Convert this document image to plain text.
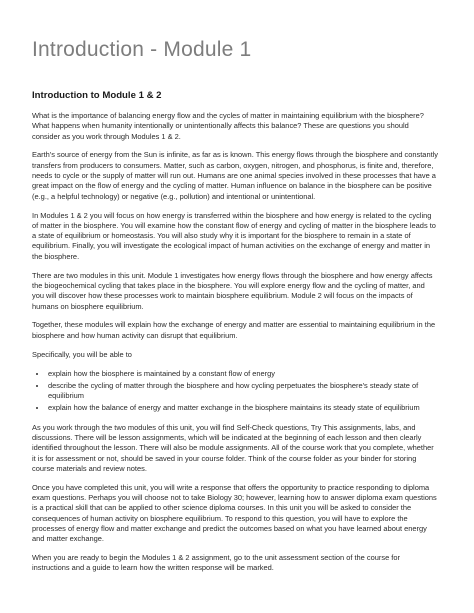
Introduction - Module 1
Introduction to Module 1 & 2

What is the importance of balancing energy flow and the cycles of matter in maintaining equilibrium with the biosphere? What happens when humanity intentionally or unintentionally affects this balance? These are questions you should consider as you work through Modules 1 & 2.

Earth's source of energy from the Sun is infinite, as far as is known. This energy flows through the biosphere and constantly transfers from producers to consumers. Matter, such as carbon, oxygen, nitrogen, and phosphorus, is finite and, therefore, needs to cycle or the supply of matter will run out. Humans are one animal species involved in these processes that have a great impact on the flow of energy and the cycling of matter. Human influence on balance in the biosphere can be positive (e.g., a helpful technology) or negative (e.g., pollution) and intentional or unintentional.

In Modules 1 & 2 you will focus on how energy is transferred within the biosphere and how energy is related to the cycling of matter in the biosphere. You will examine how the constant flow of energy and cycling of matter in the biosphere leads to a state of equilibrium or homeostasis. You will also study why it is important for the biosphere to remain in a state of equilibrium. Finally, you will investigate the ecological impact of human activities on the exchange of energy and matter in the biosphere.

There are two modules in this unit. Module 1 investigates how energy flows through the biosphere and how energy affects the biogeochemical cycling that takes place in the biosphere. You will explore energy flow and the cycling of matter, and you will discover how these processes work to maintain biosphere equilibrium. Module 2 will focus on the impacts of humans on biosphere equilibrium.

Together, these modules will explain how the exchange of energy and matter are essential to maintaining equilibrium in the biosphere and how human activity can disrupt that equilibrium.

Specifically, you will be able to

• explain how the biosphere is maintained by a constant flow of energy
• describe the cycling of matter through the biosphere and how cycling perpetuates the biosphere's steady state of equilibrium
• explain how the balance of energy and matter exchange in the biosphere maintains its steady state of equilibrium

As you work through the two modules of this unit, you will find Self-Check questions, Try This assignments, labs, and discussions. There will be lesson assignments, which will be indicated at the beginning of each lesson and then clearly identified throughout the lesson. There will also be module assignments. All of the course work that you complete, whether it is for assessment or not, should be saved in your course folder. Think of the course folder as your binder for storing course materials and review notes.

Once you have completed this unit, you will write a response that offers the opportunity to practice responding to diploma exam questions. Perhaps you will choose not to take Biology 30; however, learning how to answer diploma exam questions is a practical skill that can be applied to other science diploma courses. In this unit you will be asked to consider the consequences of human activity on biosphere equilibrium. To respond to this question, you will have to explore the processes of energy flow and matter exchange and predict the outcomes based on what you have learned about energy and matter exchange.

When you are ready to begin the Modules 1 & 2 assignment, go to the unit assessment section of the course for instructions and a guide to learn how the written response will be marked.
